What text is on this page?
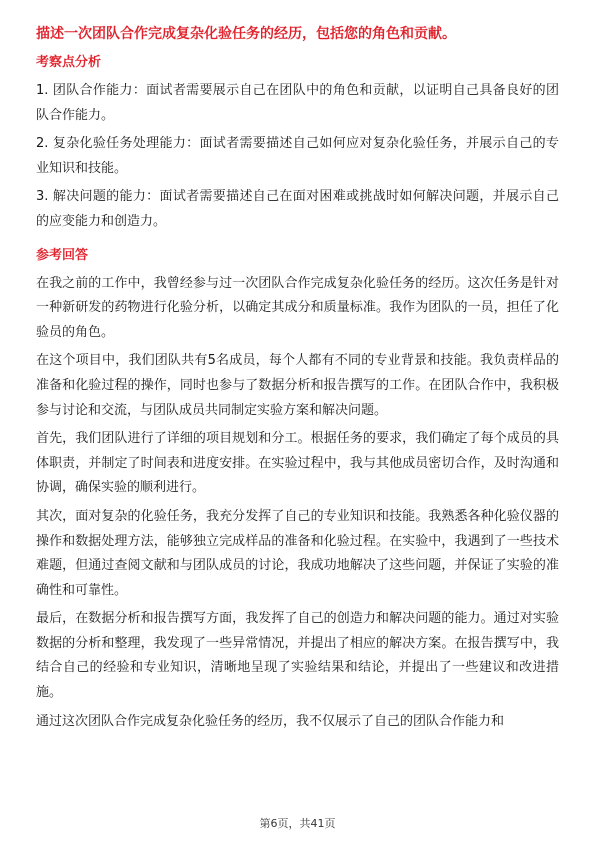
描述一次团队合作完成复杂化验任务的经历，包括您的角色和贡献。
考察点分析
1. 团队合作能力：面试者需要展示自己在团队中的角色和贡献，以证明自己具备良好的团队合作能力。
2. 复杂化验任务处理能力：面试者需要描述自己如何应对复杂化验任务，并展示自己的专业知识和技能。
3. 解决问题的能力：面试者需要描述自己在面对困难或挑战时如何解决问题，并展示自己的应变能力和创造力。
参考回答
在我之前的工作中，我曾经参与过一次团队合作完成复杂化验任务的经历。这次任务是针对一种新研发的药物进行化验分析，以确定其成分和质量标准。我作为团队的一员，担任了化验员的角色。
在这个项目中，我们团队共有5名成员，每个人都有不同的专业背景和技能。我负责样品的准备和化验过程的操作，同时也参与了数据分析和报告撰写的工作。在团队合作中，我积极参与讨论和交流，与团队成员共同制定实验方案和解决问题。
首先，我们团队进行了详细的项目规划和分工。根据任务的要求，我们确定了每个成员的具体职责，并制定了时间表和进度安排。在实验过程中，我与其他成员密切合作，及时沟通和协调，确保实验的顺利进行。
其次，面对复杂的化验任务，我充分发挥了自己的专业知识和技能。我熟悉各种化验仪器的操作和数据处理方法，能够独立完成样品的准备和化验过程。在实验中，我遇到了一些技术难题，但通过查阅文献和与团队成员的讨论，我成功地解决了这些问题，并保证了实验的准确性和可靠性。
最后，在数据分析和报告撰写方面，我发挥了自己的创造力和解决问题的能力。通过对实验数据的分析和整理，我发现了一些异常情况，并提出了相应的解决方案。在报告撰写中，我结合自己的经验和专业知识，清晰地呈现了实验结果和结论，并提出了一些建议和改进措施。
通过这次团队合作完成复杂化验任务的经历，我不仅展示了自己的团队合作能力和
第6页，共41页
